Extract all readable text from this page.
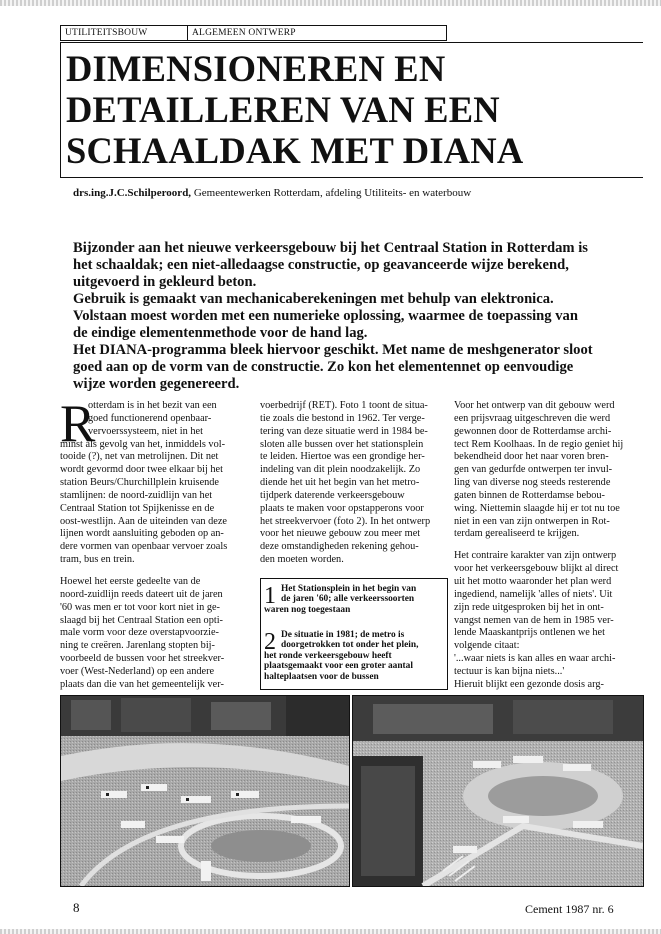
UTILITEITSBOUW	ALGEMEEN ONTWERP
DIMENSIONEREN EN
DETAILLEREN VAN EEN
SCHAALDAK MET DIANA
drs.ing.J.C.Schilperoord, Gemeentewerken Rotterdam, afdeling Utiliteits- en waterbouw
Bijzonder aan het nieuwe verkeersgebouw bij het Centraal Station in Rotterdam is
het schaaldak; een niet-alledaagse constructie, op geavanceerde wijze berekend,
uitgevoerd in gekleurd beton.
Gebruik is gemaakt van mechanicaberekeningen met behulp van elektronica.
Volstaan moest worden met een numerieke oplossing, waarmee de toepassing van
de eindige elementenmethode voor de hand lag.
Het DIANA-programma bleek hiervoor geschikt. Met name de meshgenerator sloot
goed aan op de vorm van de constructie. Zo kon het elementennet op eenvoudige
wijze worden gegenereerd.
R
otterdam is in het bezit van een
goed functionerend openbaar-
vervoerssysteem, niet in het
minst als gevolg van het, inmiddels vol-
tooide (?), net van metrolijnen. Dit net
wordt gevormd door twee elkaar bij het
station Beurs/Churchillplein kruisende
stamlijnen: de noord-zuidlijn van het
Centraal Station tot Spijkenisse en de
oost-westlijn. Aan de uiteinden van deze
lijnen wordt aansluiting geboden op an-
dere vormen van openbaar vervoer zoals
tram, bus en trein.
Hoewel het eerste gedeelte van de
noord-zuidlijn reeds dateert uit de jaren
'60 was men er tot voor kort niet in ge-
slaagd bij het Centraal Station een opti-
male vorm voor deze overstapvoorzie-
ning te creëren. Jarenlang stopten bij-
voorbeeld de bussen voor het streekver-
voer (West-Nederland) op een andere
plaats dan die van het gemeentelijk ver-
voerbedrijf (RET). Foto 1 toont de situa-
tie zoals die bestond in 1962. Ter verge-
tering van deze situatie werd in 1984 be-
sloten alle bussen over het stationsplein
te leiden. Hiertoe was een grondige her-
indeling van dit plein noodzakelijk. Zo
diende het uit het begin van het metro-
tijdperk daterende verkeersgebouw
plaats te maken voor opstapperons voor
het streekvervoer (foto 2). In het ontwerp
voor het nieuwe gebouw zou meer met
deze omstandigheden rekening gehou-
den moeten worden.
1 Het Stationsplein in het begin van
de jaren '60; alle verkeerssoorten
waren nog toegestaan
2 De situatie in 1981; de metro is
doorgetrokken tot onder het plein,
het ronde verkeersgebouw heeft
plaatsgemaakt voor een groter aantal
halteplaatsen voor de bussen
Voor het ontwerp van dit gebouw werd
een prijsvraag uitgeschreven die werd
gewonnen door de Rotterdamse archi-
tect Rem Koolhaas. In de regio geniet hij
bekendheid door het naar voren bren-
gen van gedurfde ontwerpen ter invul-
ling van diverse nog steeds resterende
gaten binnen de Rotterdamse bebou-
wing. Niettemin slaagde hij er tot nu toe
niet in een van zijn ontwerpen in Rot-
terdam gerealiseerd te krijgen.
Het contraire karakter van zijn ontwerp
voor het verkeersgebouw blijkt al direct
uit het motto waaronder het plan werd
ingediend, namelijk 'alles of niets'. Uit
zijn rede uitgesproken bij het in ont-
vangst nemen van de hem in 1985 ver-
lende Maaskantprijs ontlenen we het
volgende citaat:
'...waar niets is kan alles en waar archi-
tectuur is kan bijna niets...'
Hieruit blijkt een gezonde dosis arg-
8	Cement 1987 nr. 6
